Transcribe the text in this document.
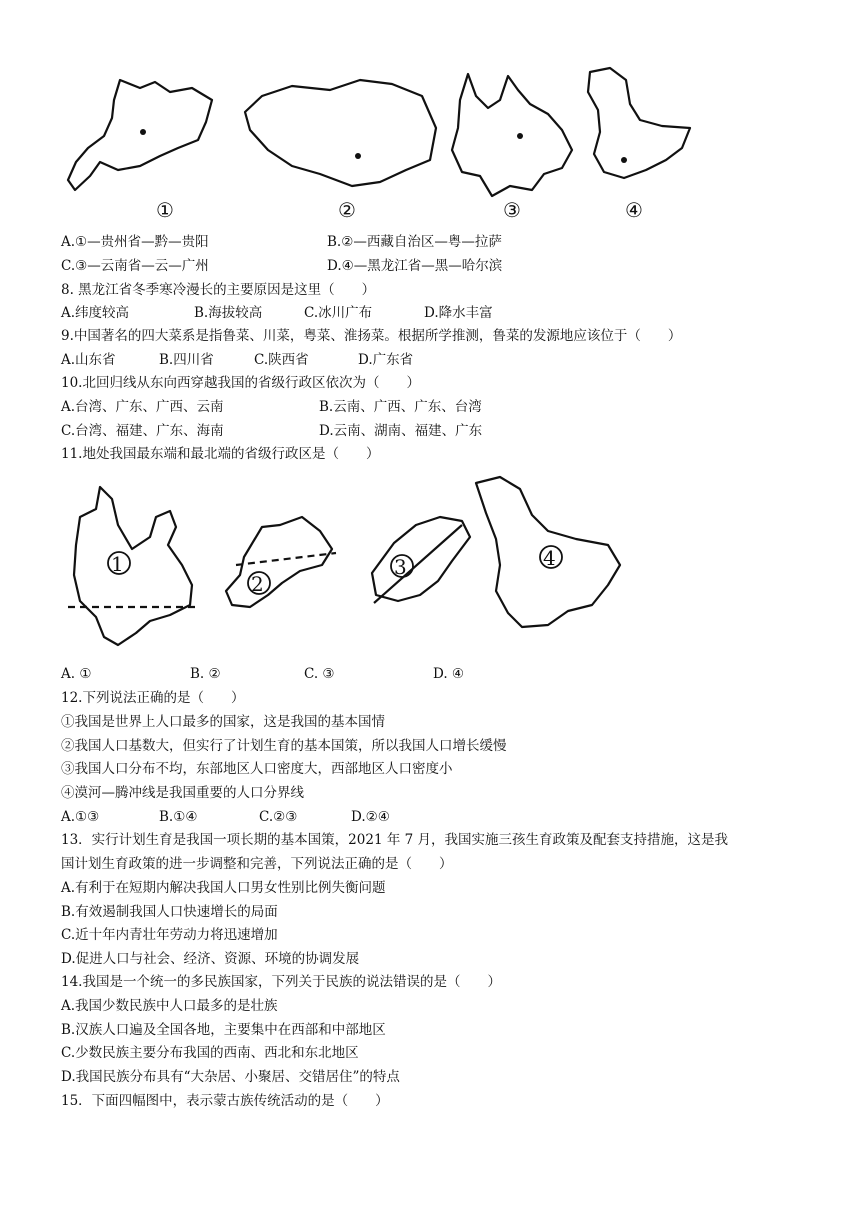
①	②	③	④
A.①—贵州省—黔—贵阳	B.②—西藏自治区—粤—拉萨
C.③—云南省—云—广州	D.④—黑龙江省—黑—哈尔滨
8. 黑龙江省冬季寒冷漫长的主要原因是这里（　　）
A.纬度较高	B.海拔较高	C.冰川广布	D.降水丰富
9.中国著名的四大菜系是指鲁菜、川菜，粤菜、淮扬菜。根据所学推测，鲁菜的发源地应该位于（　　）
A.山东省	B.四川省	C.陕西省	D.广东省
10.北回归线从东向西穿越我国的省级行政区依次为（　　）
A.台湾、广东、广西、云南	B.云南、广西、广东、台湾
C.台湾、福建、广东、海南	D.云南、湖南、福建、广东
11.地处我国最东端和最北端的省级行政区是（　　）
1
2
3	4
A. ①	B. ②	C. ③	D. ④
12.下列说法正确的是（　　）
①我国是世界上人口最多的国家，这是我国的基本国情
②我国人口基数大，但实行了计划生育的基本国策，所以我国人口增长缓慢
③我国人口分布不均，东部地区人口密度大，西部地区人口密度小
④漠河—腾冲线是我国重要的人口分界线
A.①③	B.①④	C.②③	D.②④
13．实行计划生育是我国一项长期的基本国策，2021 年 7 月，我国实施三孩生育政策及配套支持措施，这是我
国计划生育政策的进一步调整和完善，下列说法正确的是（　　）
A.有利于在短期内解决我国人口男女性别比例失衡问题
B.有效遏制我国人口快速增长的局面
C.近十年内青壮年劳动力将迅速增加
D.促进人口与社会、经济、资源、环境的协调发展
14.我国是一个统一的多民族国家，下列关于民族的说法错误的是（　　）
A.我国少数民族中人口最多的是壮族
B.汉族人口遍及全国各地，主要集中在西部和中部地区
C.少数民族主要分布我国的西南、西北和东北地区
D.我国民族分布具有“大杂居、小聚居、交错居住”的特点
15．下面四幅图中，表示蒙古族传统活动的是（　　）
